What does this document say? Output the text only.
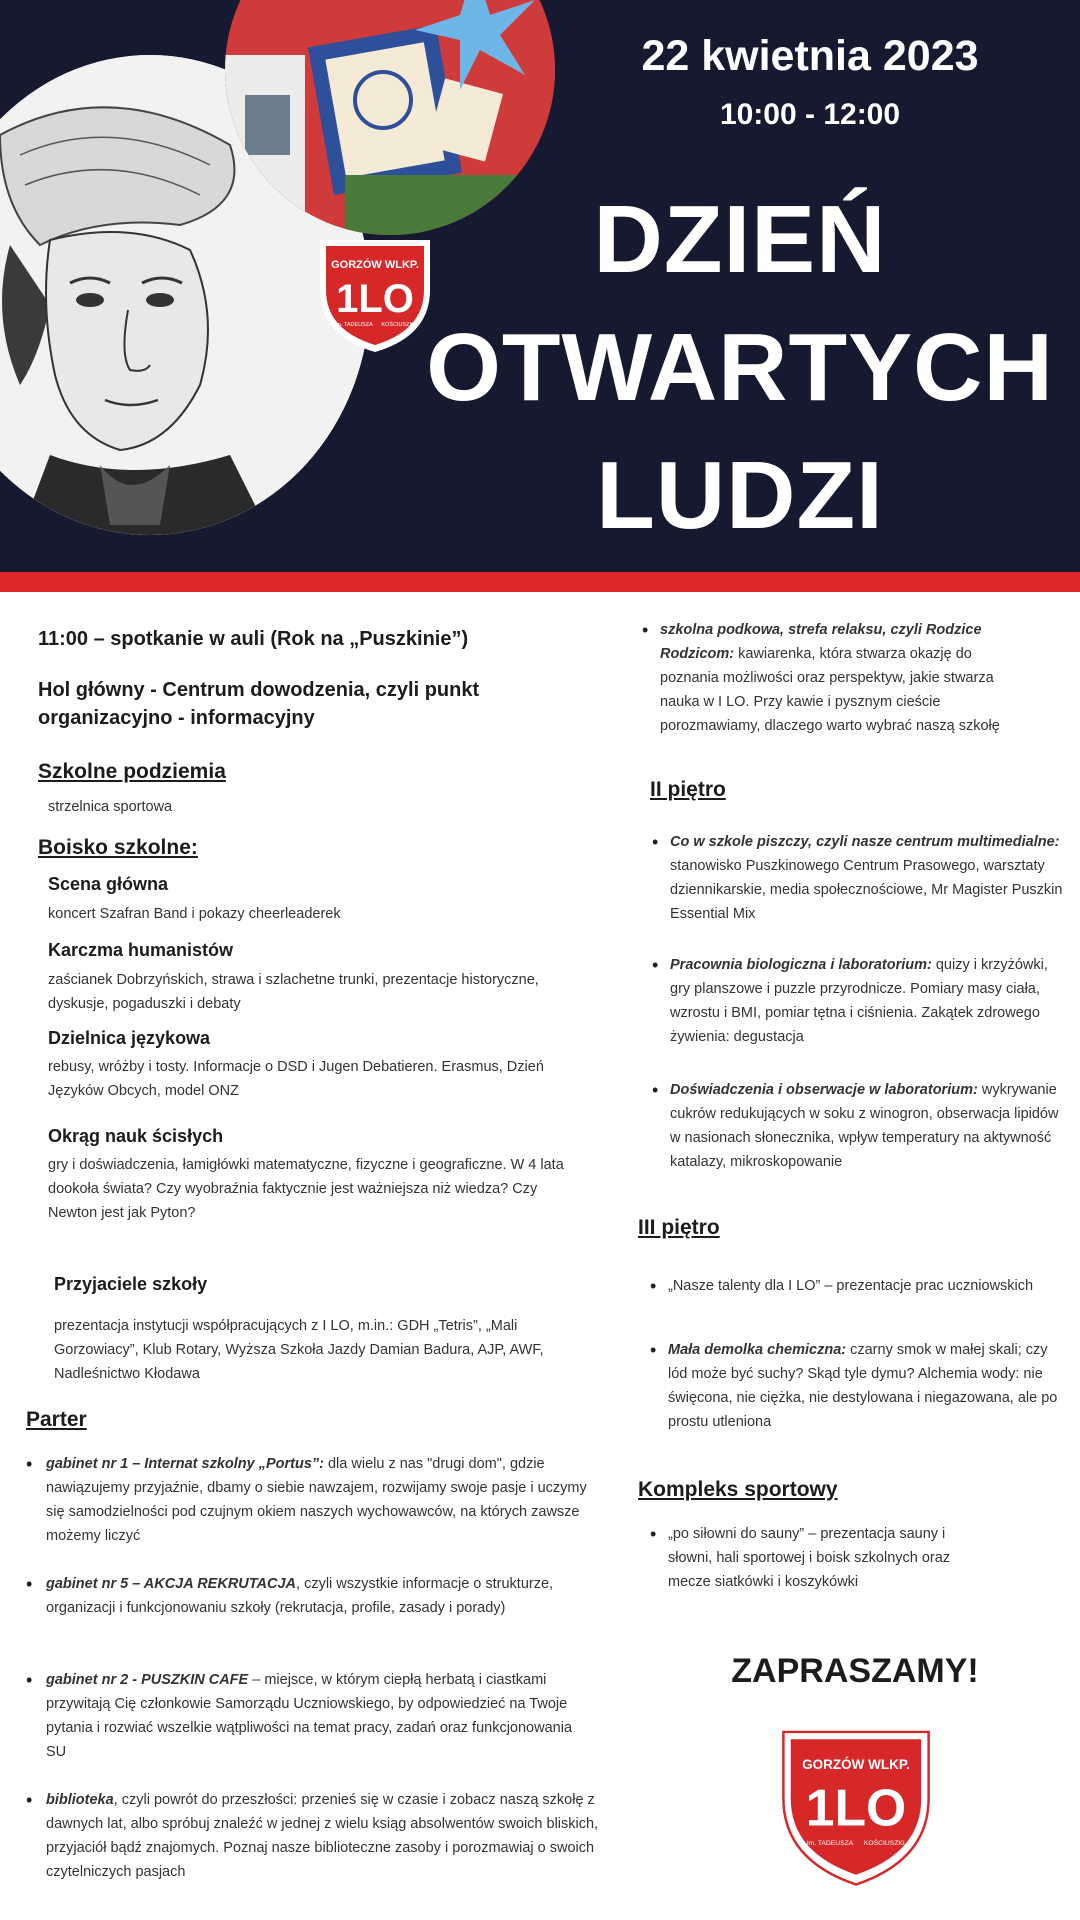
GORZÓW WLKP.
1LO
im. TADEUSZA KOŚCIUSZKI
22 kwietnia 2023
10:00 - 12:00
DZIEŃ
OTWARTYCH
LUDZI
11:00 – spotkanie w auli (Rok na „Puszkinie”)
Hol główny - Centrum dowodzenia, czyli punkt organizacyjno - informacyjny
Szkolne podziemia
strzelnica sportowa
Boisko szkolne:
Scena główna
koncert Szafran Band i pokazy cheerleaderek
Karczma humanistów
zaścianek Dobrzyńskich, strawa i szlachetne trunki, prezentacje historyczne, dyskusje, pogaduszki i debaty
Dzielnica językowa
rebusy, wróżby i tosty. Informacje o DSD i Jugen Debatieren. Erasmus, Dzień Języków Obcych, model ONZ
Okrąg nauk ścisłych
gry i doświadczenia, łamigłówki matematyczne, fizyczne i geograficzne. W 4 lata dookoła świata? Czy wyobraźnia faktycznie jest ważniejsza niż wiedza? Czy Newton jest jak Pyton?
Przyjaciele szkoły
prezentacja instytucji współpracujących z I LO, m.in.: GDH „Tetris”, „Mali Gorzowiacy”, Klub Rotary, Wyższa Szkoła Jazdy Damian Badura, AJP, AWF, Nadleśnictwo Kłodawa
Parter
• gabinet nr 1 – Internat szkolny „Portus”: dla wielu z nas "drugi dom", gdzie nawiązujemy przyjaźnie, dbamy o siebie nawzajem, rozwijamy swoje pasje i uczymy się samodzielności pod czujnym okiem naszych wychowawców, na których zawsze możemy liczyć
• gabinet nr 5 – AKCJA REKRUTACJA, czyli wszystkie informacje o strukturze, organizacji i funkcjonowaniu szkoły (rekrutacja, profile, zasady i porady)
• gabinet nr 2 - PUSZKIN CAFE – miejsce, w którym ciepłą herbatą i ciastkami przywitają Cię członkowie Samorządu Uczniowskiego, by odpowiedzieć na Twoje pytania i rozwiać wszelkie wątpliwości na temat pracy, zadań oraz funkcjonowania SU
• biblioteka, czyli powrót do przeszłości: przenieś się w czasie i zobacz naszą szkołę z dawnych lat, albo spróbuj znaleźć w jednej z wielu ksiąg absolwentów swoich bliskich, przyjaciół bądź znajomych. Poznaj nasze biblioteczne zasoby i porozmawiaj o swoich czytelniczych pasjach
• szkolna podkowa, strefa relaksu, czyli Rodzice Rodzicom: kawiarenka, która stwarza okazję do poznania możliwości oraz perspektyw, jakie stwarza nauka w I LO. Przy kawie i pysznym cieście porozmawiamy, dlaczego warto wybrać naszą szkołę
II piętro
• Co w szkole piszczy, czyli nasze centrum multimedialne: stanowisko Puszkinowego Centrum Prasowego, warsztaty dziennikarskie, media społecznościowe, Mr Magister Puszkin Essential Mix
• Pracownia biologiczna i laboratorium: quizy i krzyżówki, gry planszowe i puzzle przyrodnicze. Pomiary masy ciała, wzrostu i BMI, pomiar tętna i ciśnienia. Zakątek zdrowego żywienia: degustacja
• Doświadczenia i obserwacje w laboratorium: wykrywanie cukrów redukujących w soku z winogron, obserwacja lipidów w nasionach słonecznika, wpływ temperatury na aktywność katalazy, mikroskopowanie
III piętro
• „Nasze talenty dla I LO” – prezentacje prac uczniowskich
• Mała demolka chemiczna: czarny smok w małej skali; czy lód może być suchy? Skąd tyle dymu? Alchemia wody: nie święcona, nie ciężka, nie destylowana i niegazowana, ale po prostu utleniona
Kompleks sportowy
• „po siłowni do sauny” – prezentacja sauny i słowni, hali sportowej i boisk szkolnych oraz mecze siatkówki i koszykówki
ZAPRASZAMY!
GORZÓW WLKP.
1LO
im. TADEUSZA KOŚCIUSZKI
